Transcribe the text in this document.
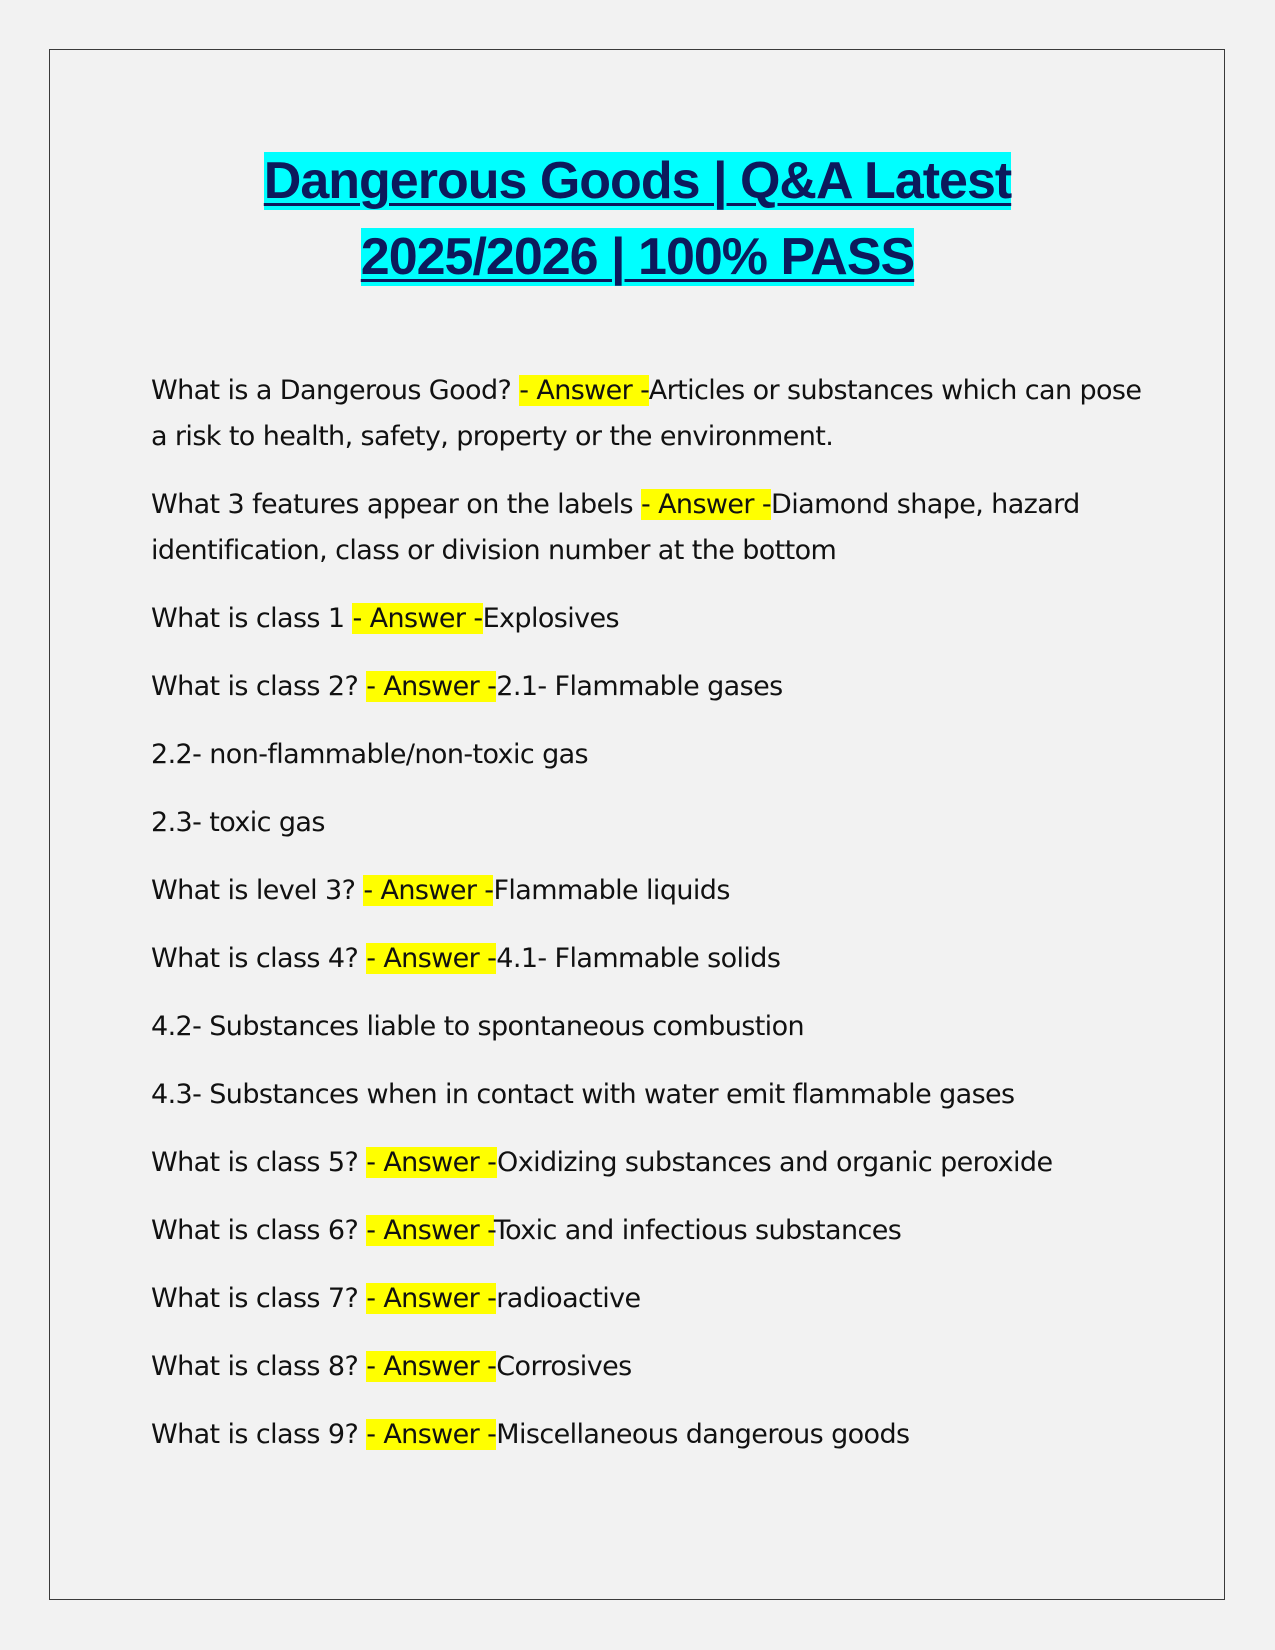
Dangerous Goods | Q&A Latest
2025/2026 | 100% PASS

What is a Dangerous Good? - Answer -Articles or substances which can pose a risk to health, safety, property or the environment.

What 3 features appear on the labels - Answer -Diamond shape, hazard identification, class or division number at the bottom

What is class 1 - Answer -Explosives

What is class 2? - Answer -2.1- Flammable gases

2.2- non-flammable/non-toxic gas

2.3- toxic gas

What is level 3? - Answer -Flammable liquids

What is class 4? - Answer -4.1- Flammable solids

4.2- Substances liable to spontaneous combustion

4.3- Substances when in contact with water emit flammable gases

What is class 5? - Answer -Oxidizing substances and organic peroxide

What is class 6? - Answer -Toxic and infectious substances

What is class 7? - Answer -radioactive

What is class 8? - Answer -Corrosives

What is class 9? - Answer -Miscellaneous dangerous goods
